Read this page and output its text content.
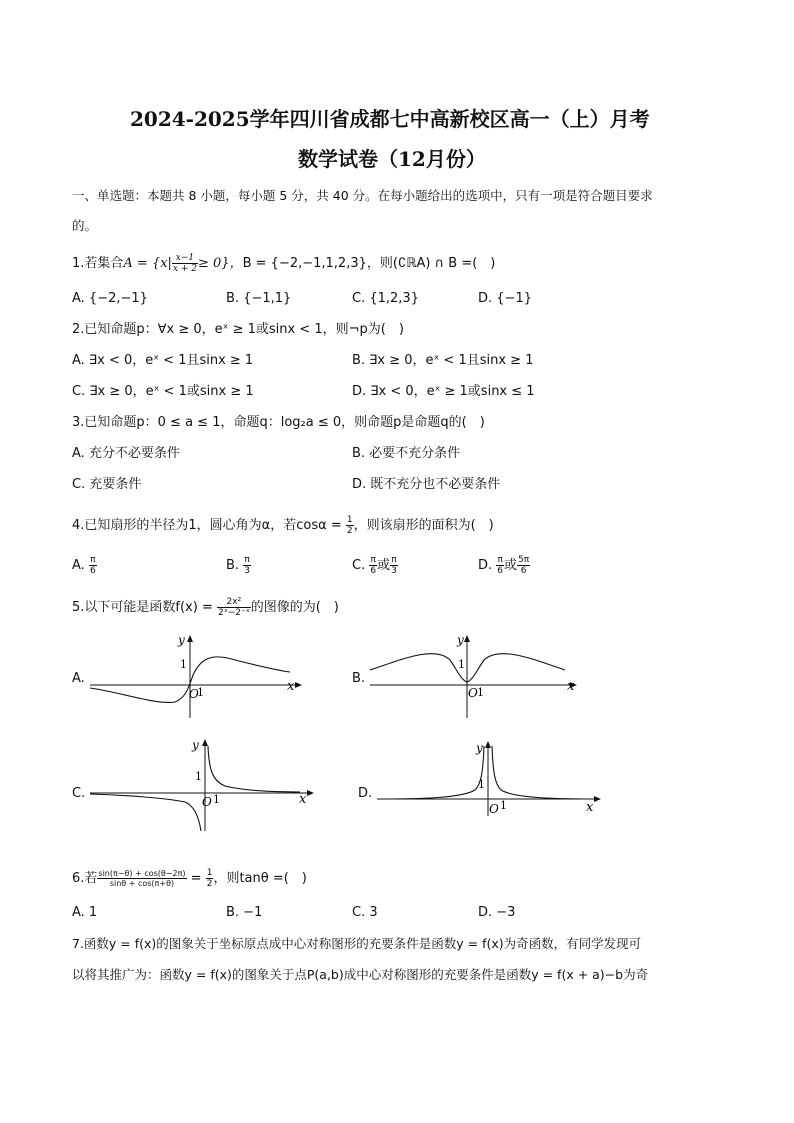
2024-2025学年四川省成都七中高新校区高一（上）月考
数学试卷（12月份）
一、单选题：本题共 8 小题，每小题 5 分，共 40 分。在每小题给出的选项中，只有一项是符合题目要求
的。
1.若集合$A = \{x| \frac{x-1}{x + 2} \ge 0\}$，B = {−2,−1,1,2,3}，则(∁ℝA) ∩ B =(　)
A. {−2,−1}	B. {−1,1}	C. {1,2,3}	D. {−1}
2.已知命题p：∀x ≥ 0，eˣ ≥ 1或sinx < 1，则¬p为(　)
A. ∃x < 0，eˣ < 1且sinx ≥ 1	B. ∃x ≥ 0，eˣ < 1且sinx ≥ 1
C. ∃x ≥ 0，eˣ < 1或sinx ≥ 1	D. ∃x < 0，eˣ ≥ 1或sinx ≤ 1
3.已知命题p：0 ≤ a ≤ 1，命题q：log₂a ≤ 0，则命题p是命题q的(　)
A. 充分不必要条件	B. 必要不充分条件
C. 充要条件	D. 既不充分也不必要条件
4.已知扇形的半径为1，圆心角为α，若$\cos\alpha = \frac{1}{2}$ ，则该扇形的面积为(　)
A. $\frac{\pi}{6}$	B. $\frac{\pi}{3}$	C. $\frac{\pi}{6}$ 或 $\frac{\pi}{3}$	D. $\frac{\pi}{6}$ 或 $\frac{5\pi}{6}$
5.以下可能是函数$f(x) = \frac{\text{2x²}}{\text{2ˣ−2⁻ˣ}}$ 的图像的为(　)
A.
y
x
1
O
1
B.
y
x
1
O 1
C.
y
x
1
O 1	D.
y
x
1
O 1
6.若 $\frac{\sin(\pi-\theta) + \cos(\theta-2\pi)}{\sin\theta + \cos(\pi+\theta)} = \frac{1}{2}$ ，则tanθ =(　)
A. 1	B. −1	C. 3	D. −3
7.函数y = f(x)的图象关于坐标原点成中心对称图形的充要条件是函数y = f(x)为奇函数，有同学发现可
以将其推广为：函数y = f(x)的图象关于点P(a,b)成中心对称图形的充要条件是函数y = f(x + a)−b为奇
